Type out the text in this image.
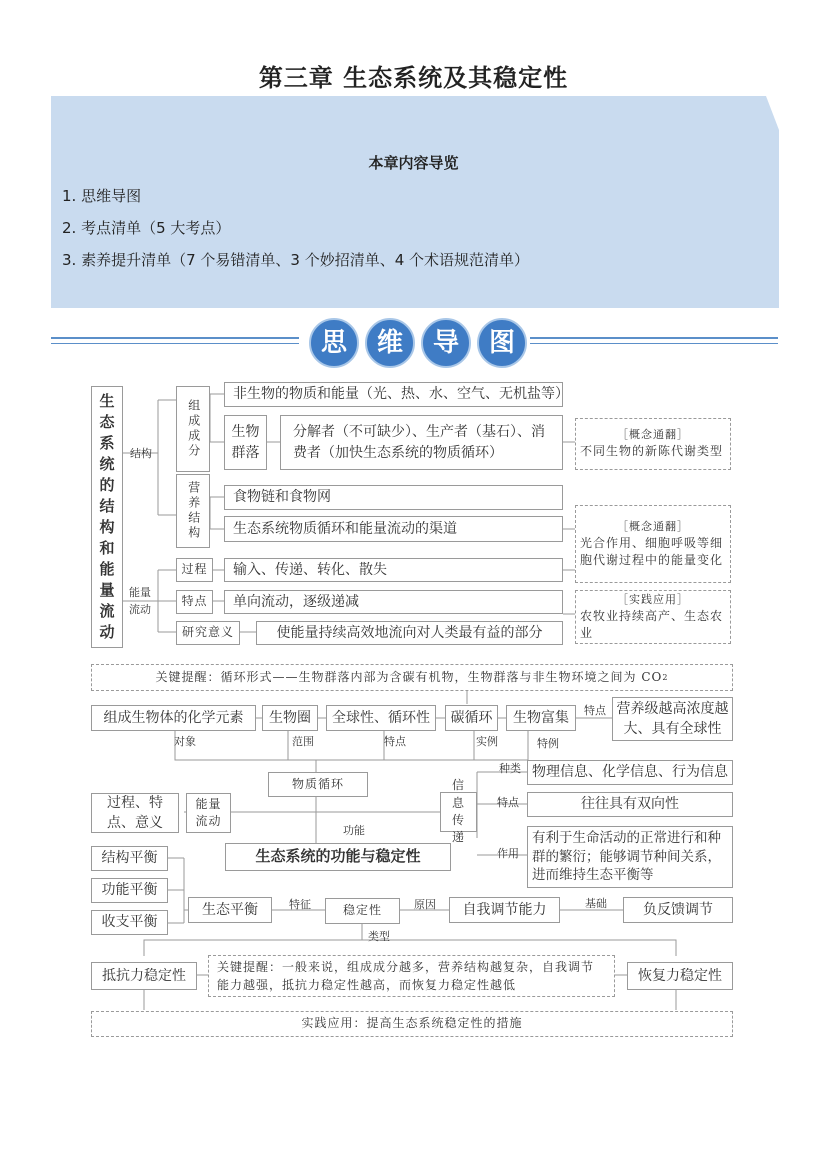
第三章 生态系统及其稳定性
本章内容导览
1. 思维导图
2. 考点清单（5 大考点）
3. 素养提升清单（7 个易错清单、3 个妙招清单、4 个术语规范清单）
思	维	导	图
生态系统的结构和能量流动
结构
能量流动
组成成分
营养结构
非生物的物质和能量（光、热、水、空气、无机盐等）
生物群落
分解者（不可缺少）、生产者（基石）、消费者（加快生态系统的物质循环）
食物链和食物网
生态系统物质循环和能量流动的渠道
过程	输入、传递、转化、散失
特点	单向流动，逐级递减
研究意义	使能量持续高效地流向对人类最有益的部分
［概念通翻］
不同生物的新陈代谢类型
［概念通翻］
光合作用、细胞呼吸等细胞代谢过程中的能量变化
［实践应用］
农牧业持续高产、生态农业
关键提醒：循环形式——生物群落内部为含碳有机物，生物群落与非生物环境之间为 CO 2
组成生物体的化学元素	生物圈	全球性、循环性	碳循环	生物富集	特点 营养级越高浓度越大、具有全球性
对象	范围	特点	实例	特例
物质循环
种类 物理信息、化学信息、行为信息
特点	往往具有双向性
信息传递
作用
有利于生命活动的正常进行和种群的繁衍；能够调节种间关系，进而维持生态平衡等
过程、特点、意义
能量流动
功能
生态系统的功能与稳定性
结构平衡
功能平衡
收支平衡
生态平衡	特征	稳定性	原因	自我调节能力	基础	负反馈调节
类型
抵抗力稳定性
关键提醒：一般来说，组成成分越多，营养结构越复杂，自我调节能力越强，抵抗力稳定性越高，而恢复力稳定性越低
恢复力稳定性
实践应用：提高生态系统稳定性的措施
